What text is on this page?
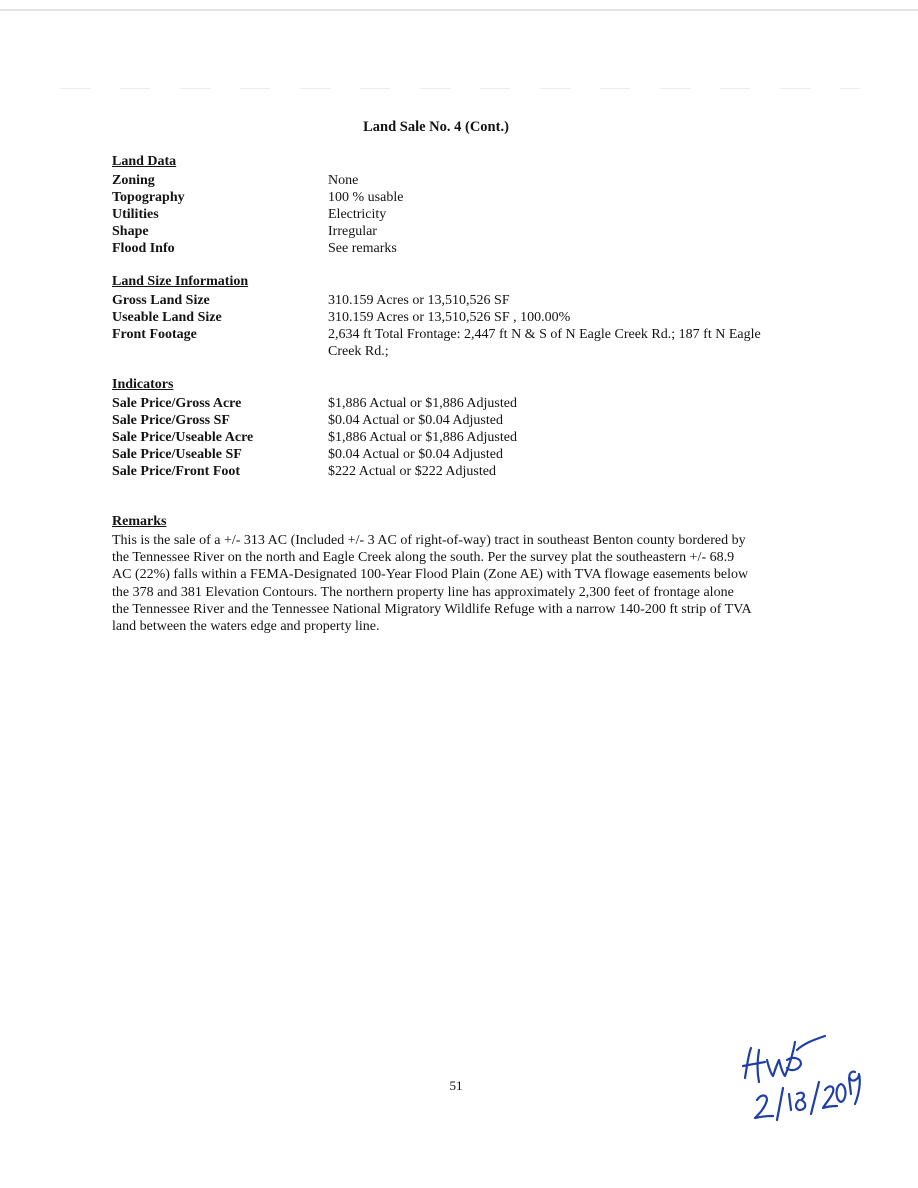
Land Sale No. 4 (Cont.)
Land Data
Zoning	None
Topography	100 % usable
Utilities	Electricity
Shape	Irregular
Flood Info	See remarks
Land Size Information
Gross Land Size	310.159 Acres or 13,510,526 SF
Useable Land Size	310.159 Acres or 13,510,526 SF , 100.00%
Front Footage	2,634 ft Total Frontage: 2,447 ft N & S of N Eagle Creek Rd.; 187 ft N Eagle Creek Rd.;
Indicators
Sale Price/Gross Acre	$1,886 Actual or $1,886 Adjusted
Sale Price/Gross SF	$0.04 Actual or $0.04 Adjusted
Sale Price/Useable Acre	$1,886 Actual or $1,886 Adjusted
Sale Price/Useable SF	$0.04 Actual or $0.04 Adjusted
Sale Price/Front Foot	$222 Actual or $222 Adjusted
Remarks

This is the sale of a +/- 313 AC (Included +/- 3 AC of right-of-way) tract in southeast Benton county bordered by the Tennessee River on the north and Eagle Creek along the south. Per the survey plat the southeastern +/- 68.9 AC (22%) falls within a FEMA-Designated 100-Year Flood Plain (Zone AE) with TVA flowage easements below the 378 and 381 Elevation Contours. The northern property line has approximately 2,300 feet of frontage alone the Tennessee River and the Tennessee National Migratory Wildlife Refuge with a narrow 140-200 ft strip of TVA land between the waters edge and property line.

51
